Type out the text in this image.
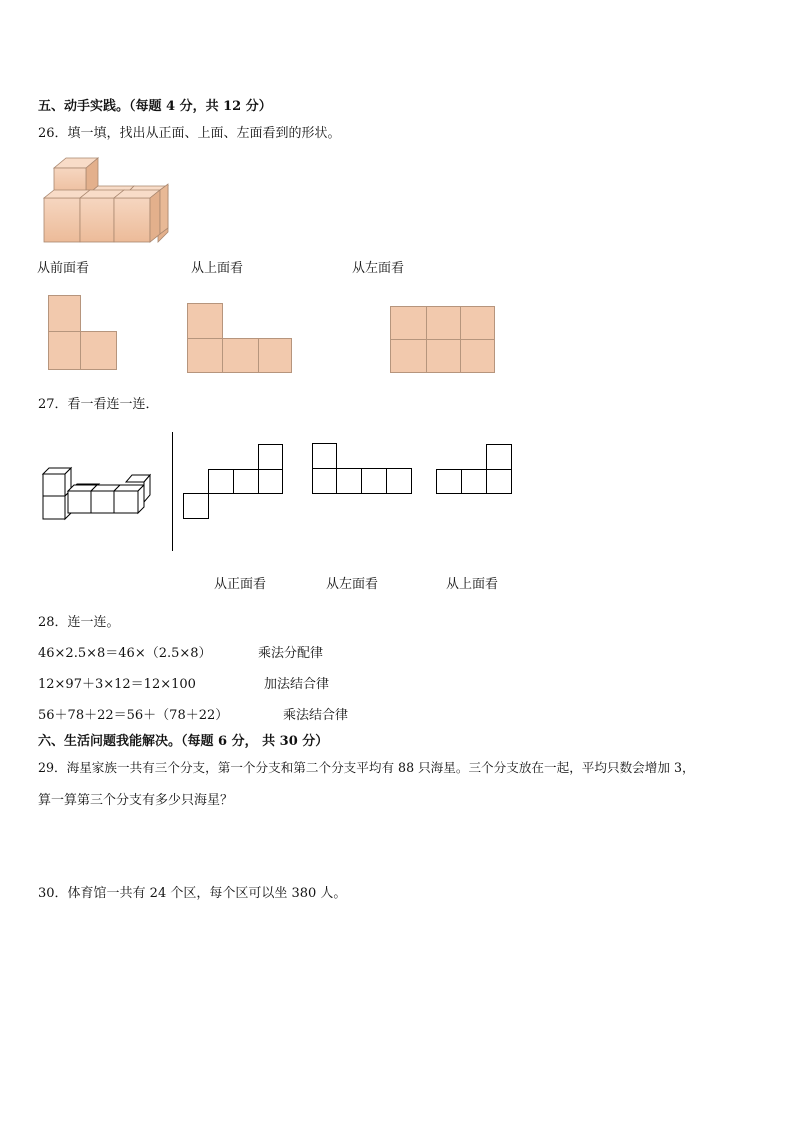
五、动手实践。（每题 4 分，共 12 分）
26．填一填，找出从正面、上面、左面看到的形状。
从前面看	从上面看	从左面看
27．看一看连一连．
从正面看	从左面看	从上面看
28．连一连。
46×2.5×8＝46×（2.5×8）	乘法分配律
12×97＋3×12＝12×100	加法结合律
56＋78＋22＝56＋（78＋22）	乘法结合律
六、生活问题我能解决。（每题 6 分， 共 30 分）
29．海星家族一共有三个分支，第一个分支和第二个分支平均有 88 只海星。三个分支放在一起，平均只数会增加 3，
算一算第三个分支有多少只海星？
30．体育馆一共有 24 个区，每个区可以坐 380 人。
